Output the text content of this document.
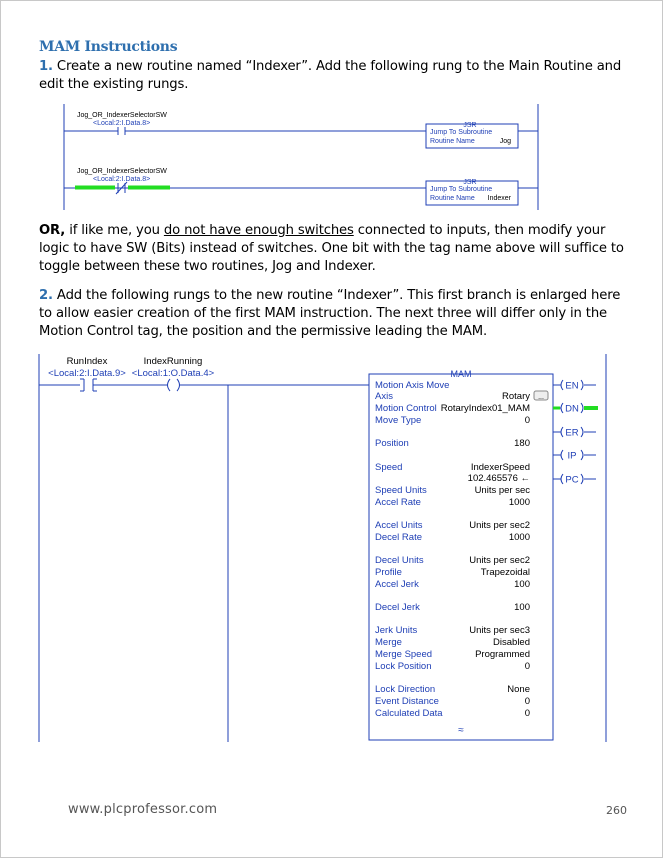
MAM Instructions
1. Create a new routine named “Indexer”. Add the following rung to the Main Routine and edit the existing rungs.
OR, if like me, you do not have enough switches connected to inputs, then modify your logic to have SW (Bits) instead of switches. One bit with the tag name above will suffice to toggle between these two routines, Jog and Indexer.
2. Add the following rungs to the new routine “Indexer”. This first branch is enlarged here to allow easier creation of the first MAM instruction. The next three will differ only in the Motion Control tag, the position and the permissive leading the MAM.
Jog_OR_IndexerSelectorSW
<Local:2:I.Data.8>	JSR
Jump To Subroutine
Routine Name	Jog
Jog_OR_IndexerSelectorSW
<Local:2:I.Data.8>	JSR
Jump To Subroutine
Routine Name Indexer
RunIndex
<Local:2:I.Data.9>
IndexRunning
<Local:1:O.Data.4>	MAM
Motion Axis Move
Axis	Rotary
Motion Control RotaryIndex01_MAM
Move Type	0
Position	180
Speed	IndexerSpeed
102.465576 ←
Speed Units	Units per sec
Accel Rate	1000
Accel Units	Units per sec2
Decel Rate	1000
Decel Units	Units per sec2
Profile	Trapezoidal
Accel Jerk	100
Decel Jerk	100
Jerk Units	Units per sec3
Merge	Disabled
Merge Speed	Programmed
Lock Position	0
Lock Direction	None
Event Distance	0
Calculated Data	0
...
≈
EN
DN
ER
IP
PC
www.plcprofessor.com	260
